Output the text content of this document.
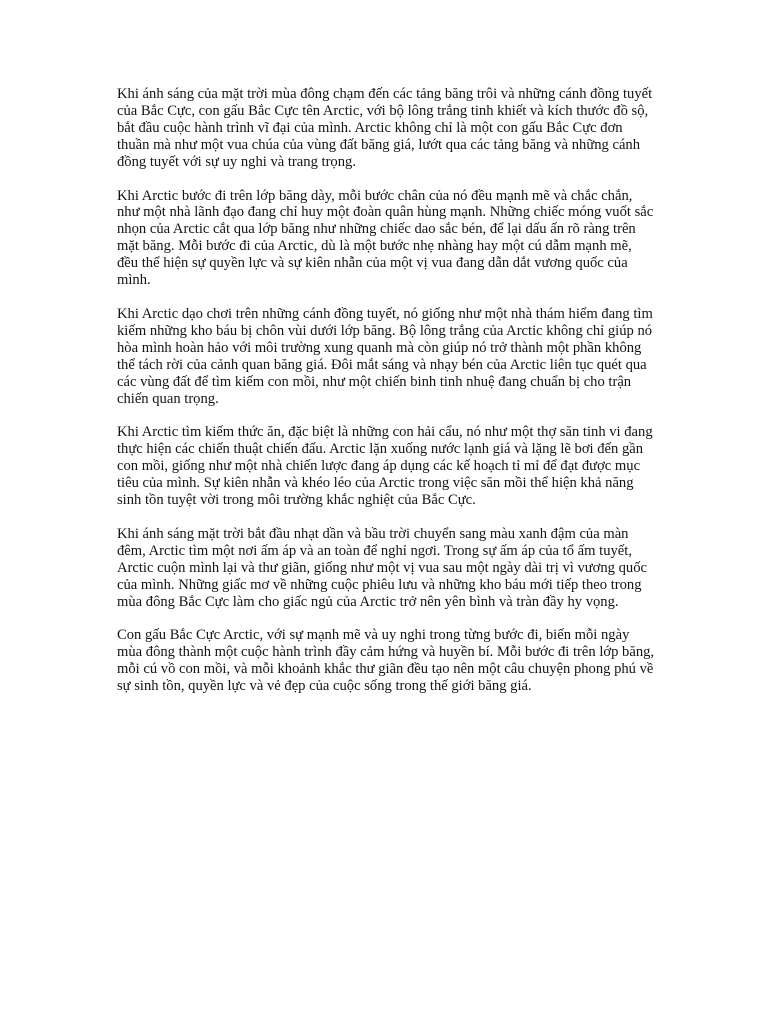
Khi ánh sáng của mặt trời mùa đông chạm đến các tảng băng trôi và những cánh đồng tuyết của Bắc Cực, con gấu Bắc Cực tên Arctic, với bộ lông trắng tinh khiết và kích thước đồ sộ, bắt đầu cuộc hành trình vĩ đại của mình. Arctic không chỉ là một con gấu Bắc Cực đơn thuần mà như một vua chúa của vùng đất băng giá, lướt qua các tảng băng và những cánh đồng tuyết với sự uy nghi và trang trọng.

Khi Arctic bước đi trên lớp băng dày, mỗi bước chân của nó đều mạnh mẽ và chắc chắn, như một nhà lãnh đạo đang chỉ huy một đoàn quân hùng mạnh. Những chiếc móng vuốt sắc nhọn của Arctic cắt qua lớp băng như những chiếc dao sắc bén, để lại dấu ấn rõ ràng trên mặt băng. Mỗi bước đi của Arctic, dù là một bước nhẹ nhàng hay một cú dẫm mạnh mẽ, đều thể hiện sự quyền lực và sự kiên nhẫn của một vị vua đang dẫn dắt vương quốc của mình.

Khi Arctic dạo chơi trên những cánh đồng tuyết, nó giống như một nhà thám hiểm đang tìm kiếm những kho báu bị chôn vùi dưới lớp băng. Bộ lông trắng của Arctic không chỉ giúp nó hòa mình hoàn hảo với môi trường xung quanh mà còn giúp nó trở thành một phần không thể tách rời của cảnh quan băng giá. Đôi mắt sáng và nhạy bén của Arctic liên tục quét qua các vùng đất để tìm kiếm con mồi, như một chiến binh tinh nhuệ đang chuẩn bị cho trận chiến quan trọng.

Khi Arctic tìm kiếm thức ăn, đặc biệt là những con hải cẩu, nó như một thợ săn tinh vi đang thực hiện các chiến thuật chiến đấu. Arctic lặn xuống nước lạnh giá và lặng lẽ bơi đến gần con mồi, giống như một nhà chiến lược đang áp dụng các kế hoạch tỉ mỉ để đạt được mục tiêu của mình. Sự kiên nhẫn và khéo léo của Arctic trong việc săn mồi thể hiện khả năng sinh tồn tuyệt vời trong môi trường khắc nghiệt của Bắc Cực.

Khi ánh sáng mặt trời bắt đầu nhạt dần và bầu trời chuyển sang màu xanh đậm của màn đêm, Arctic tìm một nơi ấm áp và an toàn để nghỉ ngơi. Trong sự ấm áp của tổ ấm tuyết, Arctic cuộn mình lại và thư giãn, giống như một vị vua sau một ngày dài trị vì vương quốc của mình. Những giấc mơ về những cuộc phiêu lưu và những kho báu mới tiếp theo trong mùa đông Bắc Cực làm cho giấc ngủ của Arctic trở nên yên bình và tràn đầy hy vọng.

Con gấu Bắc Cực Arctic, với sự mạnh mẽ và uy nghi trong từng bước đi, biến mỗi ngày mùa đông thành một cuộc hành trình đầy cảm hứng và huyền bí. Mỗi bước đi trên lớp băng, mỗi cú vồ con mồi, và mỗi khoảnh khắc thư giãn đều tạo nên một câu chuyện phong phú về sự sinh tồn, quyền lực và vẻ đẹp của cuộc sống trong thế giới băng giá.
